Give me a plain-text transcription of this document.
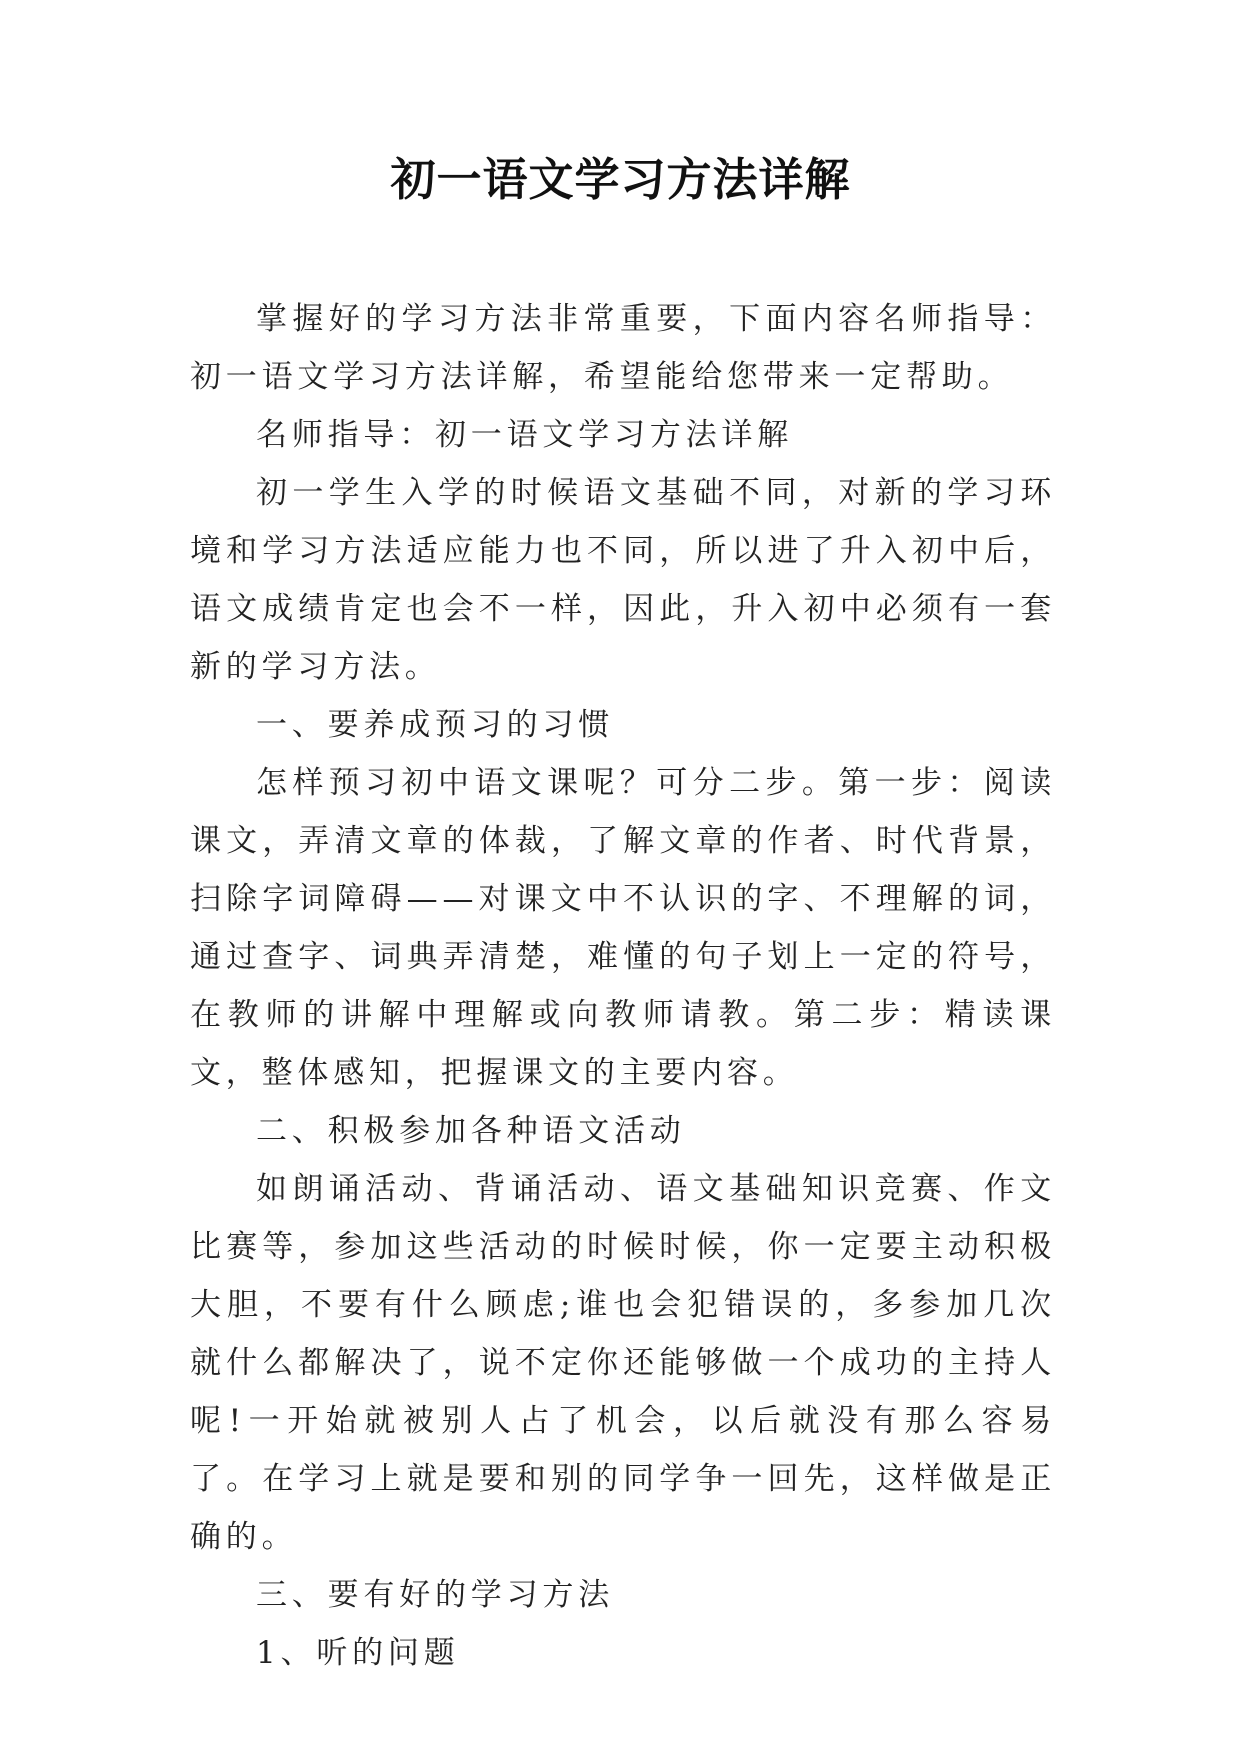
初一语文学习方法详解

掌握好的学习方法非常重要，下面内容名师指导：初一语文学习方法详解，希望能给您带来一定帮助。

名师指导：初一语文学习方法详解

初一学生入学的时候语文基础不同，对新的学习环境和学习方法适应能力也不同，所以进了升入初中后，语文成绩肯定也会不一样，因此，升入初中必须有一套新的学习方法。

一、要养成预习的习惯

怎样预习初中语文课呢？可分二步。第一步：阅读课文，弄清文章的体裁，了解文章的作者、时代背景，扫除字词障碍——对课文中不认识的字、不理解的词，通过查字、词典弄清楚，难懂的句子划上一定的符号，在教师的讲解中理解或向教师请教。第二步：精读课文，整体感知，把握课文的主要内容。

二、积极参加各种语文活动

如朗诵活动、背诵活动、语文基础知识竞赛、作文比赛等，参加这些活动的时候时候，你一定要主动积极大胆，不要有什么顾虑;谁也会犯错误的，多参加几次就什么都解决了，说不定你还能够做一个成功的主持人呢!一开始就被别人占了机会，以后就没有那么容易了。在学习上就是要和别的同学争一回先，这样做是正确的。

三、要有好的学习方法

1、听的问题
